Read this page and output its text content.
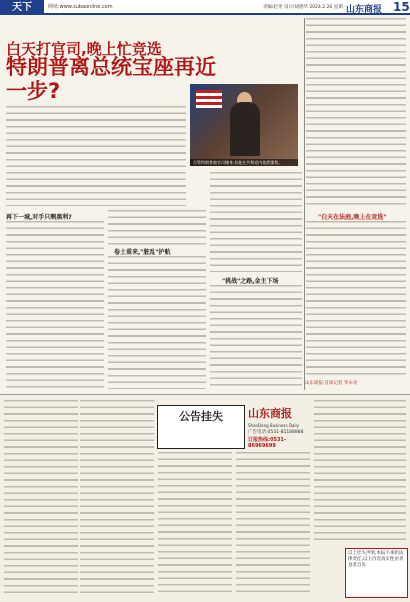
天下	网址:www.subaonline.com	责编/赵英 设计/胡德华 2024.2.26 星期一
山东商报 15
白天打官司,晚上忙竞选
特朗普离总统宝座再近一步?
尽管特朗普被官司缠身,但他在共和党内依然强势。
再下一城,对手只剩黑利?
卷土重来,"脏乱"护航
"挑战"之路,金主下场
"白天在法庭,晚上在竞选"
山东商报·首席记者 华永亮
公告挂失	山东商报
ShanDong Business Daily
广告电话:0531-85188888
订报热线:0531-86969699
以上挂失声明,本报不承担法律责任,以上内容真实性由刊登者自负
